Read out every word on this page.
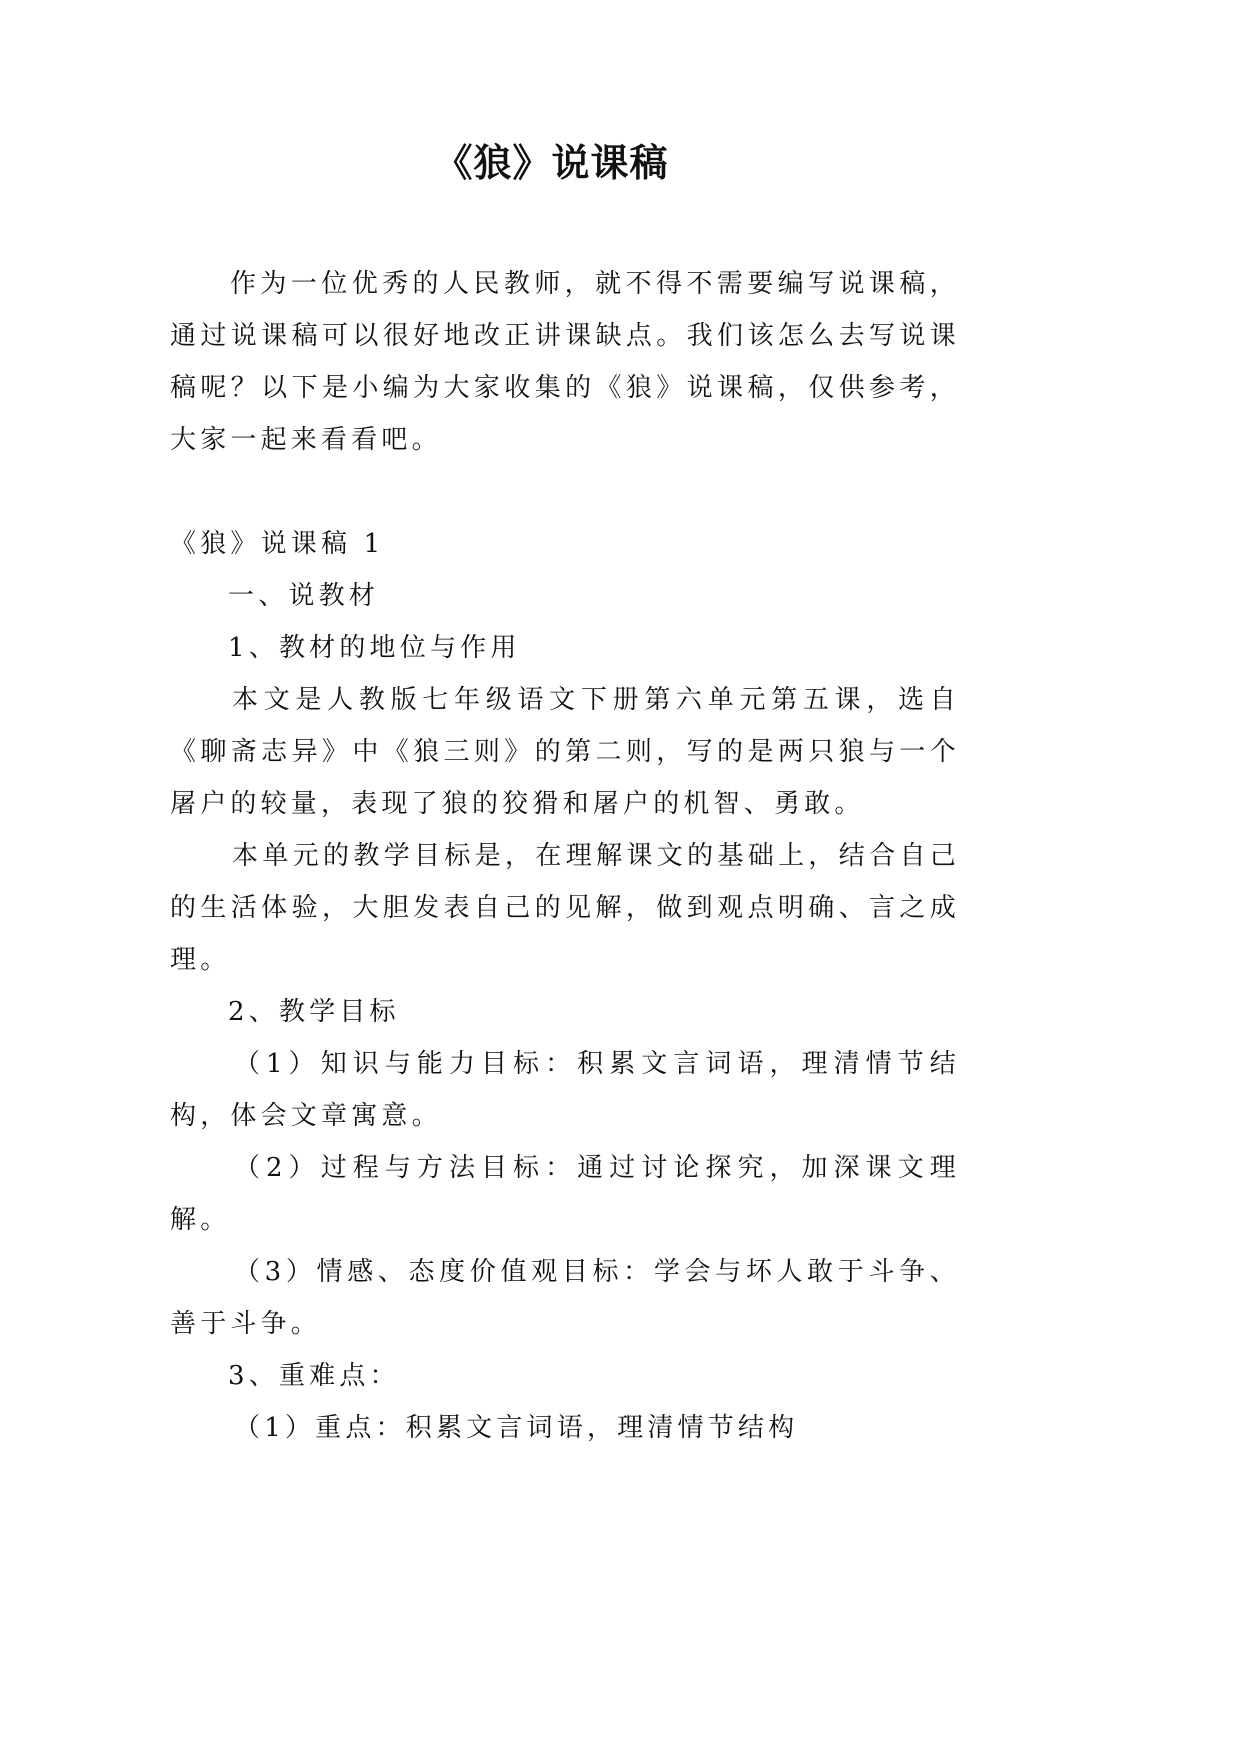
《狼》说课稿

作为一位优秀的人民教师，就不得不需要编写说课稿，通过说课稿可以很好地改正讲课缺点。我们该怎么去写说课稿呢？以下是小编为大家收集的《狼》说课稿，仅供参考，大家一起来看看吧。

《狼》说课稿 1

一、说教材

1、教材的地位与作用

本文是人教版七年级语文下册第六单元第五课，选自《聊斋志异》中《狼三则》的第二则，写的是两只狼与一个屠户的较量，表现了狼的狡猾和屠户的机智、勇敢。

本单元的教学目标是，在理解课文的基础上，结合自己的生活体验，大胆发表自己的见解，做到观点明确、言之成理。

2、教学目标

（1）知识与能力目标：积累文言词语，理清情节结构，体会文章寓意。

（2）过程与方法目标：通过讨论探究，加深课文理解。

（3）情感、态度价值观目标：学会与坏人敢于斗争、善于斗争。

3、重难点：

（1）重点：积累文言词语，理清情节结构
